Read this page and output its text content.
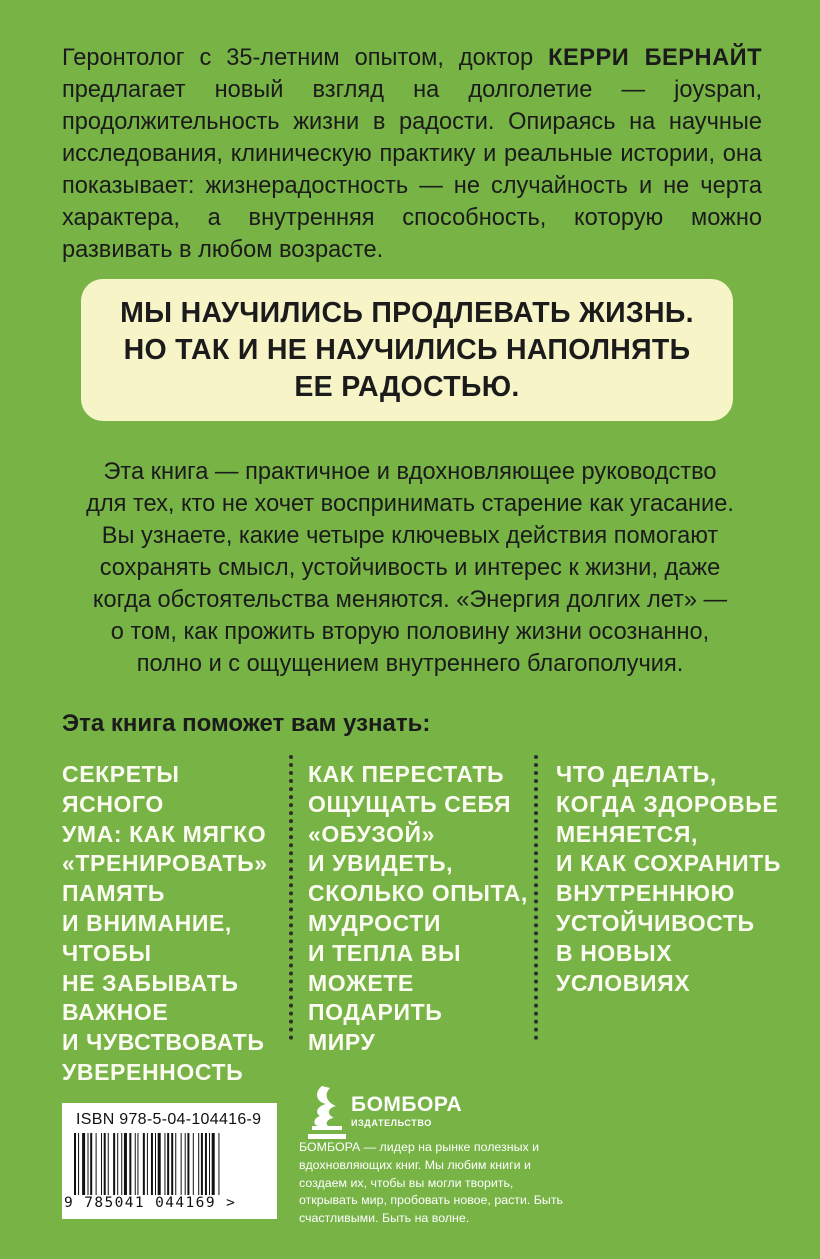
Геронтолог с 35-летним опытом, доктор КЕРРИ БЕРНАЙТ предлагает новый взгляд на долголетие — joyspan, продолжительность жизни в радости. Опираясь на научные исследования, клиническую практику и реальные истории, она показывает: жизнерадостность — не случайность и не черта характера, а внутренняя способность, которую можно развивать в любом возрасте.

МЫ НАУЧИЛИСЬ ПРОДЛЕВАТЬ ЖИЗНЬ.
НО ТАК И НЕ НАУЧИЛИСЬ НАПОЛНЯТЬ
ЕЕ РАДОСТЬЮ.

Эта книга — практичное и вдохновляющее руководство
для тех, кто не хочет воспринимать старение как угасание.
Вы узнаете, какие четыре ключевых действия помогают
сохранять смысл, устойчивость и интерес к жизни, даже
когда обстоятельства меняются. «Энергия долгих лет» —
о том, как прожить вторую половину жизни осознанно,
полно и с ощущением внутреннего благополучия.

Эта книга поможет вам узнать:

СЕКРЕТЫ ЯСНОГО
УМА: КАК МЯГКО
«ТРЕНИРОВАТЬ»
ПАМЯТЬ
И ВНИМАНИЕ,
ЧТОБЫ
НЕ ЗАБЫВАТЬ
ВАЖНОЕ
И ЧУВСТВОВАТЬ
УВЕРЕННОСТЬ

КАК ПЕРЕСТАТЬ
ОЩУЩАТЬ СЕБЯ
«ОБУЗОЙ»
И УВИДЕТЬ,
СКОЛЬКО ОПЫТА,
МУДРОСТИ
И ТЕПЛА ВЫ
МОЖЕТЕ
ПОДАРИТЬ
МИРУ

ЧТО ДЕЛАТЬ,
КОГДА ЗДОРОВЬЕ
МЕНЯЕТСЯ,
И КАК СОХРАНИТЬ
ВНУТРЕННЮЮ
УСТОЙЧИВОСТЬ
В НОВЫХ
УСЛОВИЯХ

ISBN 978-5-04-104416-9

9 785041 044169 >

БОМБОРА

ИЗДАТЕЛЬСТВО

БОМБОРА — лидер на рынке полезных и вдохновляющих книг. Мы любим книги и создаем их, чтобы вы могли творить, открывать мир, пробовать новое, расти. Быть счастливыми. Быть на волне.
